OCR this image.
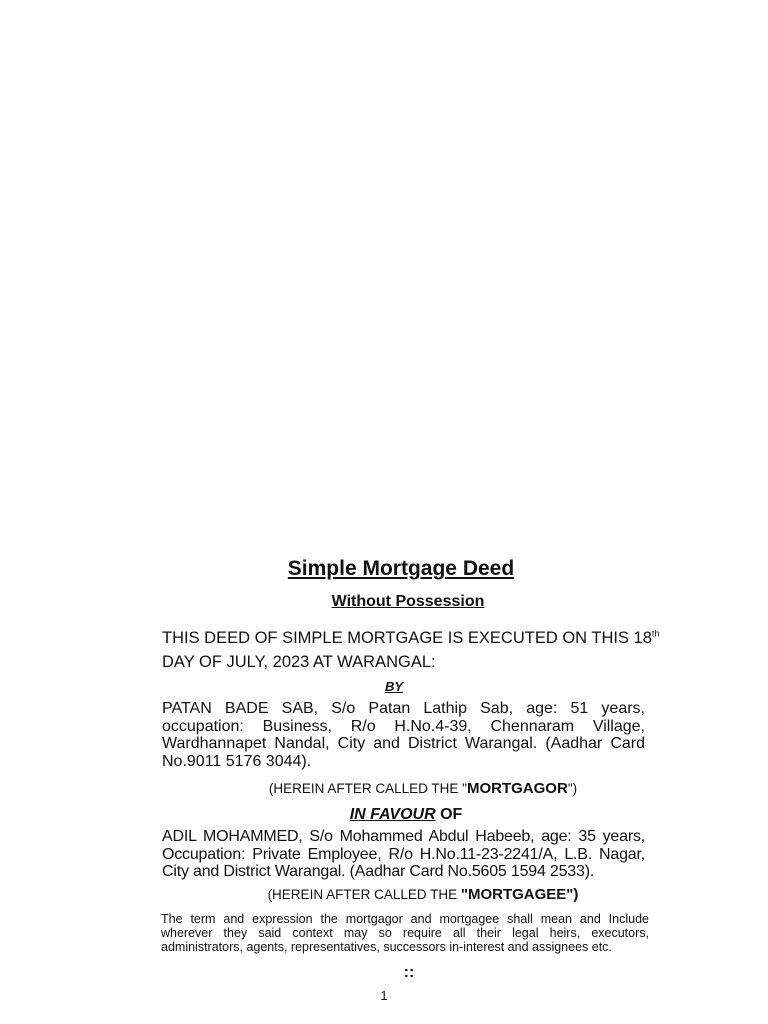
Simple Mortgage Deed
Without Possession
THIS DEED OF SIMPLE MORTGAGE IS EXECUTED ON THIS 18th
DAY OF JULY, 2023 AT WARANGAL:
BY
PATAN BADE SAB, S/o Patan Lathip Sab, age: 51 years, occupation: Business, R/o H.No.4-39, Chennaram Village, Wardhannapet Nandal, City and District Warangal. (Aadhar Card No.9011 5176 3044).
(HEREIN AFTER CALLED THE "MORTGAGOR")
IN FAVOUR OF
ADIL MOHAMMED, S/o Mohammed Abdul Habeeb, age: 35 years, Occupation: Private Employee, R/o H.No.11-23-2241/A, L.B. Nagar, City and District Warangal. (Aadhar Card No.5605 1594 2533).
(HEREIN AFTER CALLED THE "MORTGAGEE")
The term and expression the mortgagor and mortgagee shall mean and Include wherever they said context may so require all their legal heirs, executors, administrators, agents, representatives, successors in-interest and assignees etc.
::
1
